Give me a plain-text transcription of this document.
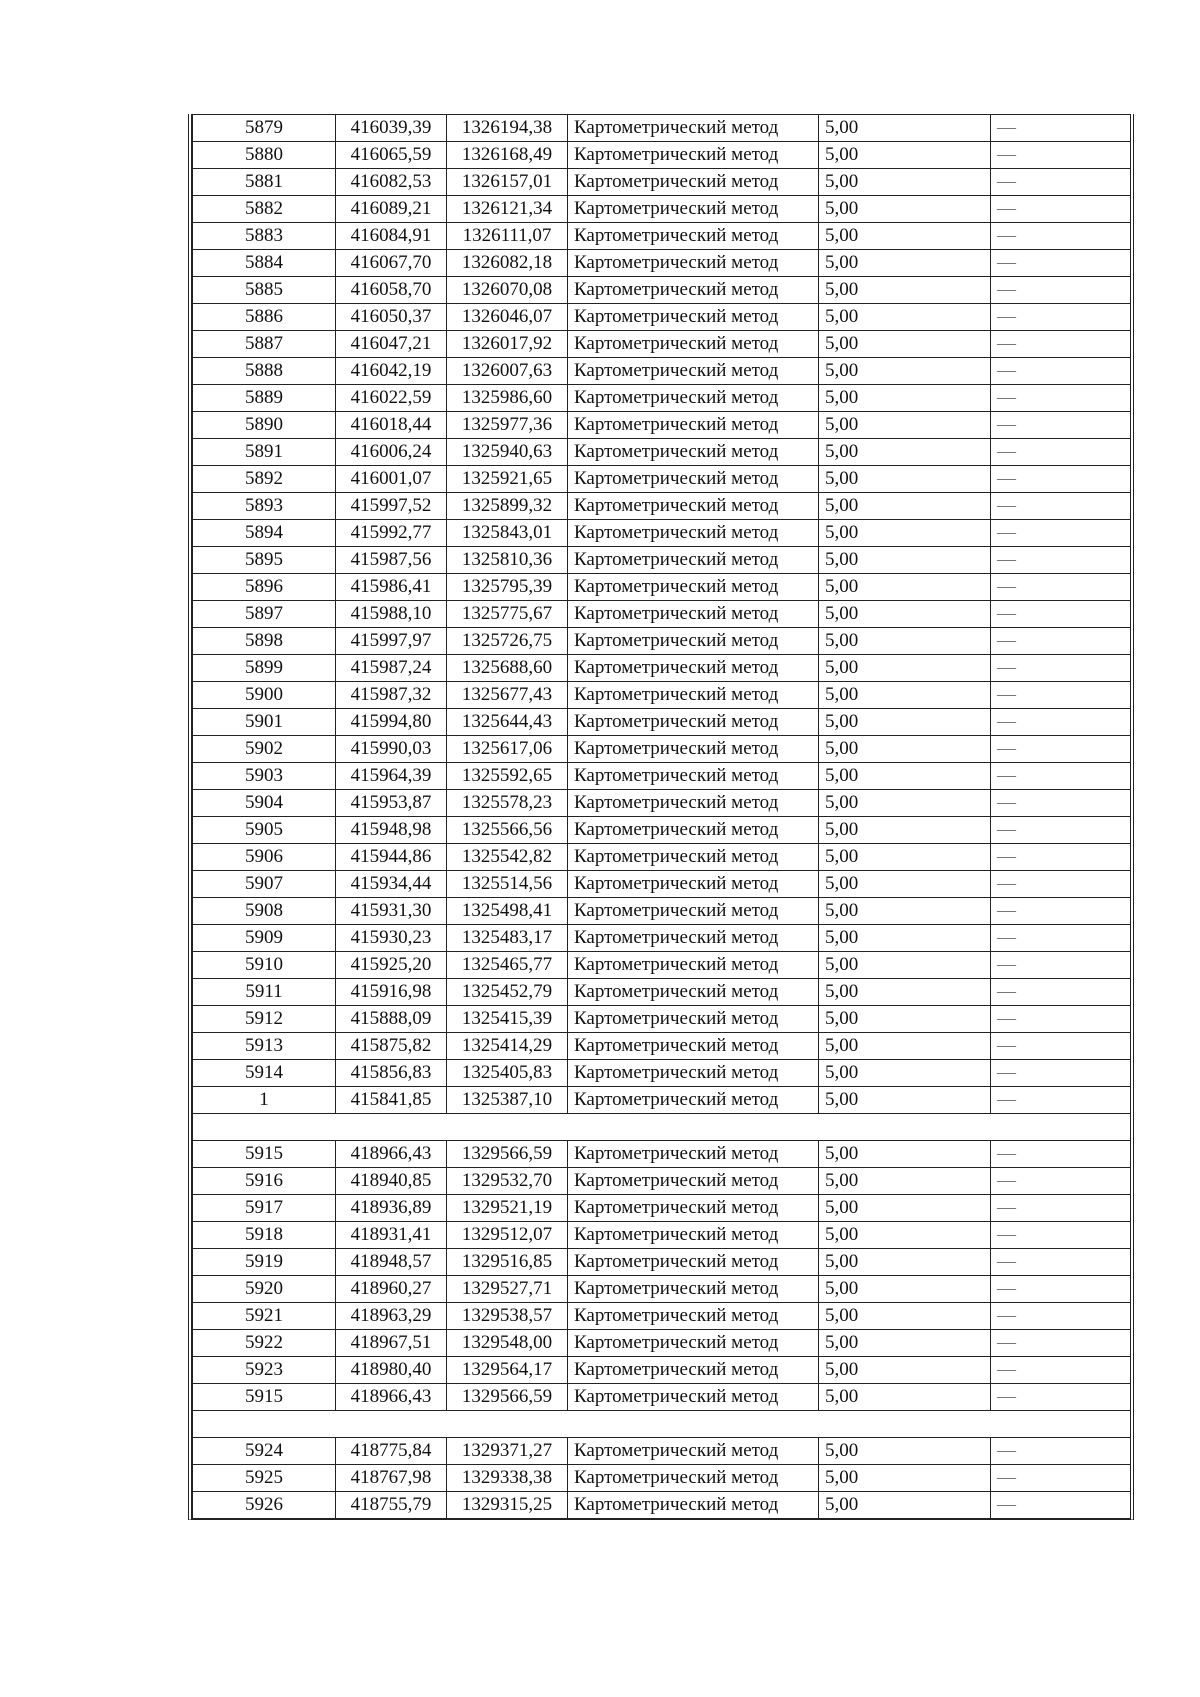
5879	416039,39	1326194,38	Картометрический метод	5,00	—
5880	416065,59	1326168,49	Картометрический метод	5,00	—
5881	416082,53	1326157,01	Картометрический метод	5,00	—
5882	416089,21	1326121,34	Картометрический метод	5,00	—
5883	416084,91	1326111,07	Картометрический метод	5,00	—
5884	416067,70	1326082,18	Картометрический метод	5,00	—
5885	416058,70	1326070,08	Картометрический метод	5,00	—
5886	416050,37	1326046,07	Картометрический метод	5,00	—
5887	416047,21	1326017,92	Картометрический метод	5,00	—
5888	416042,19	1326007,63	Картометрический метод	5,00	—
5889	416022,59	1325986,60	Картометрический метод	5,00	—
5890	416018,44	1325977,36	Картометрический метод	5,00	—
5891	416006,24	1325940,63	Картометрический метод	5,00	—
5892	416001,07	1325921,65	Картометрический метод	5,00	—
5893	415997,52	1325899,32	Картометрический метод	5,00	—
5894	415992,77	1325843,01	Картометрический метод	5,00	—
5895	415987,56	1325810,36	Картометрический метод	5,00	—
5896	415986,41	1325795,39	Картометрический метод	5,00	—
5897	415988,10	1325775,67	Картометрический метод	5,00	—
5898	415997,97	1325726,75	Картометрический метод	5,00	—
5899	415987,24	1325688,60	Картометрический метод	5,00	—
5900	415987,32	1325677,43	Картометрический метод	5,00	—
5901	415994,80	1325644,43	Картометрический метод	5,00	—
5902	415990,03	1325617,06	Картометрический метод	5,00	—
5903	415964,39	1325592,65	Картометрический метод	5,00	—
5904	415953,87	1325578,23	Картометрический метод	5,00	—
5905	415948,98	1325566,56	Картометрический метод	5,00	—
5906	415944,86	1325542,82	Картометрический метод	5,00	—
5907	415934,44	1325514,56	Картометрический метод	5,00	—
5908	415931,30	1325498,41	Картометрический метод	5,00	—
5909	415930,23	1325483,17	Картометрический метод	5,00	—
5910	415925,20	1325465,77	Картометрический метод	5,00	—
5911	415916,98	1325452,79	Картометрический метод	5,00	—
5912	415888,09	1325415,39	Картометрический метод	5,00	—
5913	415875,82	1325414,29	Картометрический метод	5,00	—
5914	415856,83	1325405,83	Картометрический метод	5,00	—
1	415841,85	1325387,10	Картометрический метод	5,00	—

5915	418966,43	1329566,59	Картометрический метод	5,00	—
5916	418940,85	1329532,70	Картометрический метод	5,00	—
5917	418936,89	1329521,19	Картометрический метод	5,00	—
5918	418931,41	1329512,07	Картометрический метод	5,00	—
5919	418948,57	1329516,85	Картометрический метод	5,00	—
5920	418960,27	1329527,71	Картометрический метод	5,00	—
5921	418963,29	1329538,57	Картометрический метод	5,00	—
5922	418967,51	1329548,00	Картометрический метод	5,00	—
5923	418980,40	1329564,17	Картометрический метод	5,00	—
5915	418966,43	1329566,59	Картометрический метод	5,00	—

5924	418775,84	1329371,27	Картометрический метод	5,00	—
5925	418767,98	1329338,38	Картометрический метод	5,00	—
5926	418755,79	1329315,25	Картометрический метод	5,00	—
